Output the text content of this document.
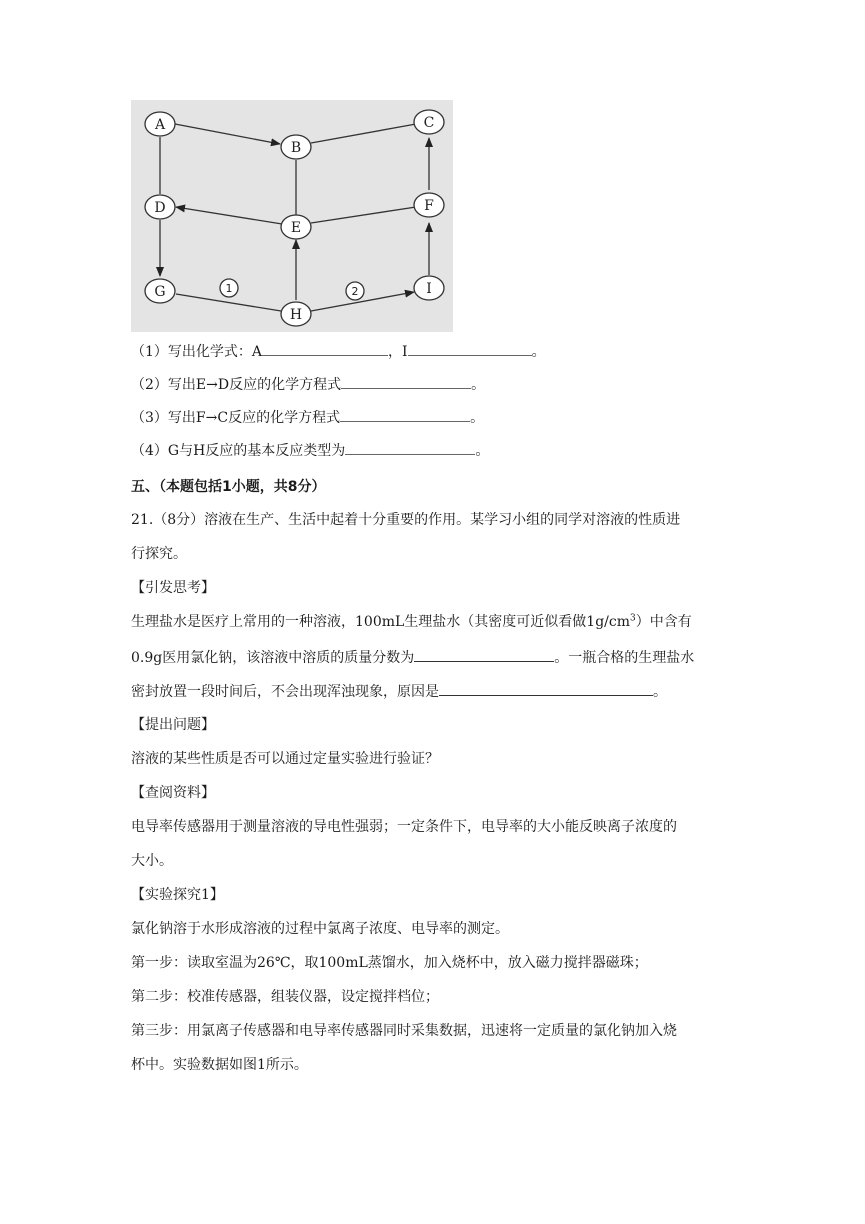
A
B
C
D
E
F
G
H
I
1	2
（1）写出化学式：A	，I	。
（2）写出E→D反应的化学方程式	。
（3）写出F→C反应的化学方程式	。
（4）G与H反应的基本反应类型为	。
五、（本题包括1小题，共8分）
21.（8分）溶液在生产、生活中起着十分重要的作用。某学习小组的同学对溶液的性质进
行探究。
【引发思考】
生理盐水是医疗上常用的一种溶液，100mL生理盐水（其密度可近似看做$1g/cm^3$）中含有
0.9g医用氯化钠，该溶液中溶质的质量分数为	。一瓶合格的生理盐水
密封放置一段时间后，不会出现浑浊现象，原因是	。
【提出问题】
溶液的某些性质是否可以通过定量实验进行验证？
【查阅资料】
电导率传感器用于测量溶液的导电性强弱；一定条件下，电导率的大小能反映离子浓度的
大小。
【实验探究1】
氯化钠溶于水形成溶液的过程中氯离子浓度、电导率的测定。
第一步：读取室温为26℃，取100mL蒸馏水，加入烧杯中，放入磁力搅拌器磁珠；
第二步：校准传感器，组装仪器，设定搅拌档位；
第三步：用氯离子传感器和电导率传感器同时采集数据，迅速将一定质量的氯化钠加入烧
杯中。实验数据如图1所示。
